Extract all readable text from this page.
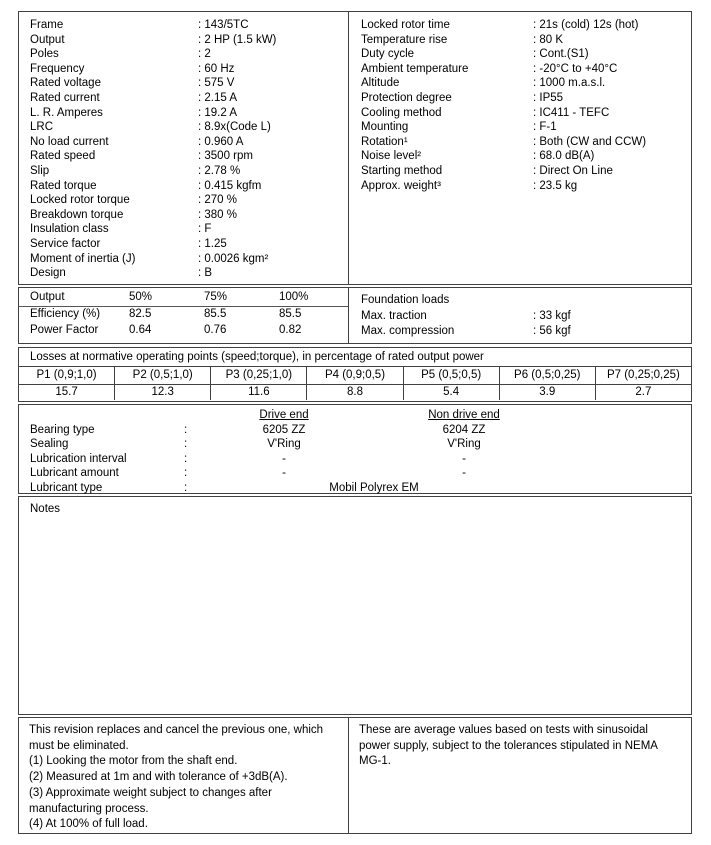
Frame	: 143/5TC
Output	: 2 HP (1.5 kW)
Poles	: 2
Frequency	: 60 Hz
Rated voltage	: 575 V
Rated current	: 2.15 A
L. R. Amperes	: 19.2 A
LRC	: 8.9x(Code L)
No load current	: 0.960 A
Rated speed	: 3500 rpm
Slip	: 2.78 %
Rated torque	: 0.415 kgfm
Locked rotor torque	: 270 %
Breakdown torque	: 380 %
Insulation class	: F
Service factor	: 1.25
Moment of inertia (J)	: 0.0026 kgm²
Design	: B
Locked rotor time	: 21s (cold) 12s (hot)
Temperature rise	: 80 K
Duty cycle	: Cont.(S1)
Ambient temperature	: -20°C to +40°C
Altitude	: 1000 m.a.s.l.
Protection degree	: IP55
Cooling method	: IC411 - TEFC
Mounting	: F-1
Rotation¹	: Both (CW and CCW)
Noise level²	: 68.0 dB(A)
Starting method	: Direct On Line
Approx. weight³	: 23.5 kg
Output	50%	75%	100%
Efficiency (%)	82.5	85.5	85.5
Power Factor	0.64	0.76	0.82
Foundation loads
Max. traction	: 33 kgf
Max. compression	: 56 kgf
Losses at normative operating points (speed;torque), in percentage of rated output power
P1 (0,9;1,0)	P2 (0,5;1,0)	P3 (0,25;1,0)	P4 (0,9;0,5)	P5 (0,5;0,5)	P6 (0,5;0,25)	P7 (0,25;0,25)
15.7	12.3	11.6	8.8	5.4	3.9	2.7
Drive end	Non drive end
Bearing type	:	6205 ZZ	6204 ZZ
Sealing	:	V'Ring	V'Ring
Lubrication interval	:	-	-
Lubricant amount	:	-	-
Lubricant type	:	Mobil Polyrex EM
Notes

This revision replaces and cancel the previous one, which must be eliminated.

(1) Looking the motor from the shaft end.

(2) Measured at 1m and with tolerance of +3dB(A).

(3) Approximate weight subject to changes after manufacturing process.

(4) At 100% of full load.

These are average values based on tests with sinusoidal power supply, subject to the tolerances stipulated in NEMA MG-1.
